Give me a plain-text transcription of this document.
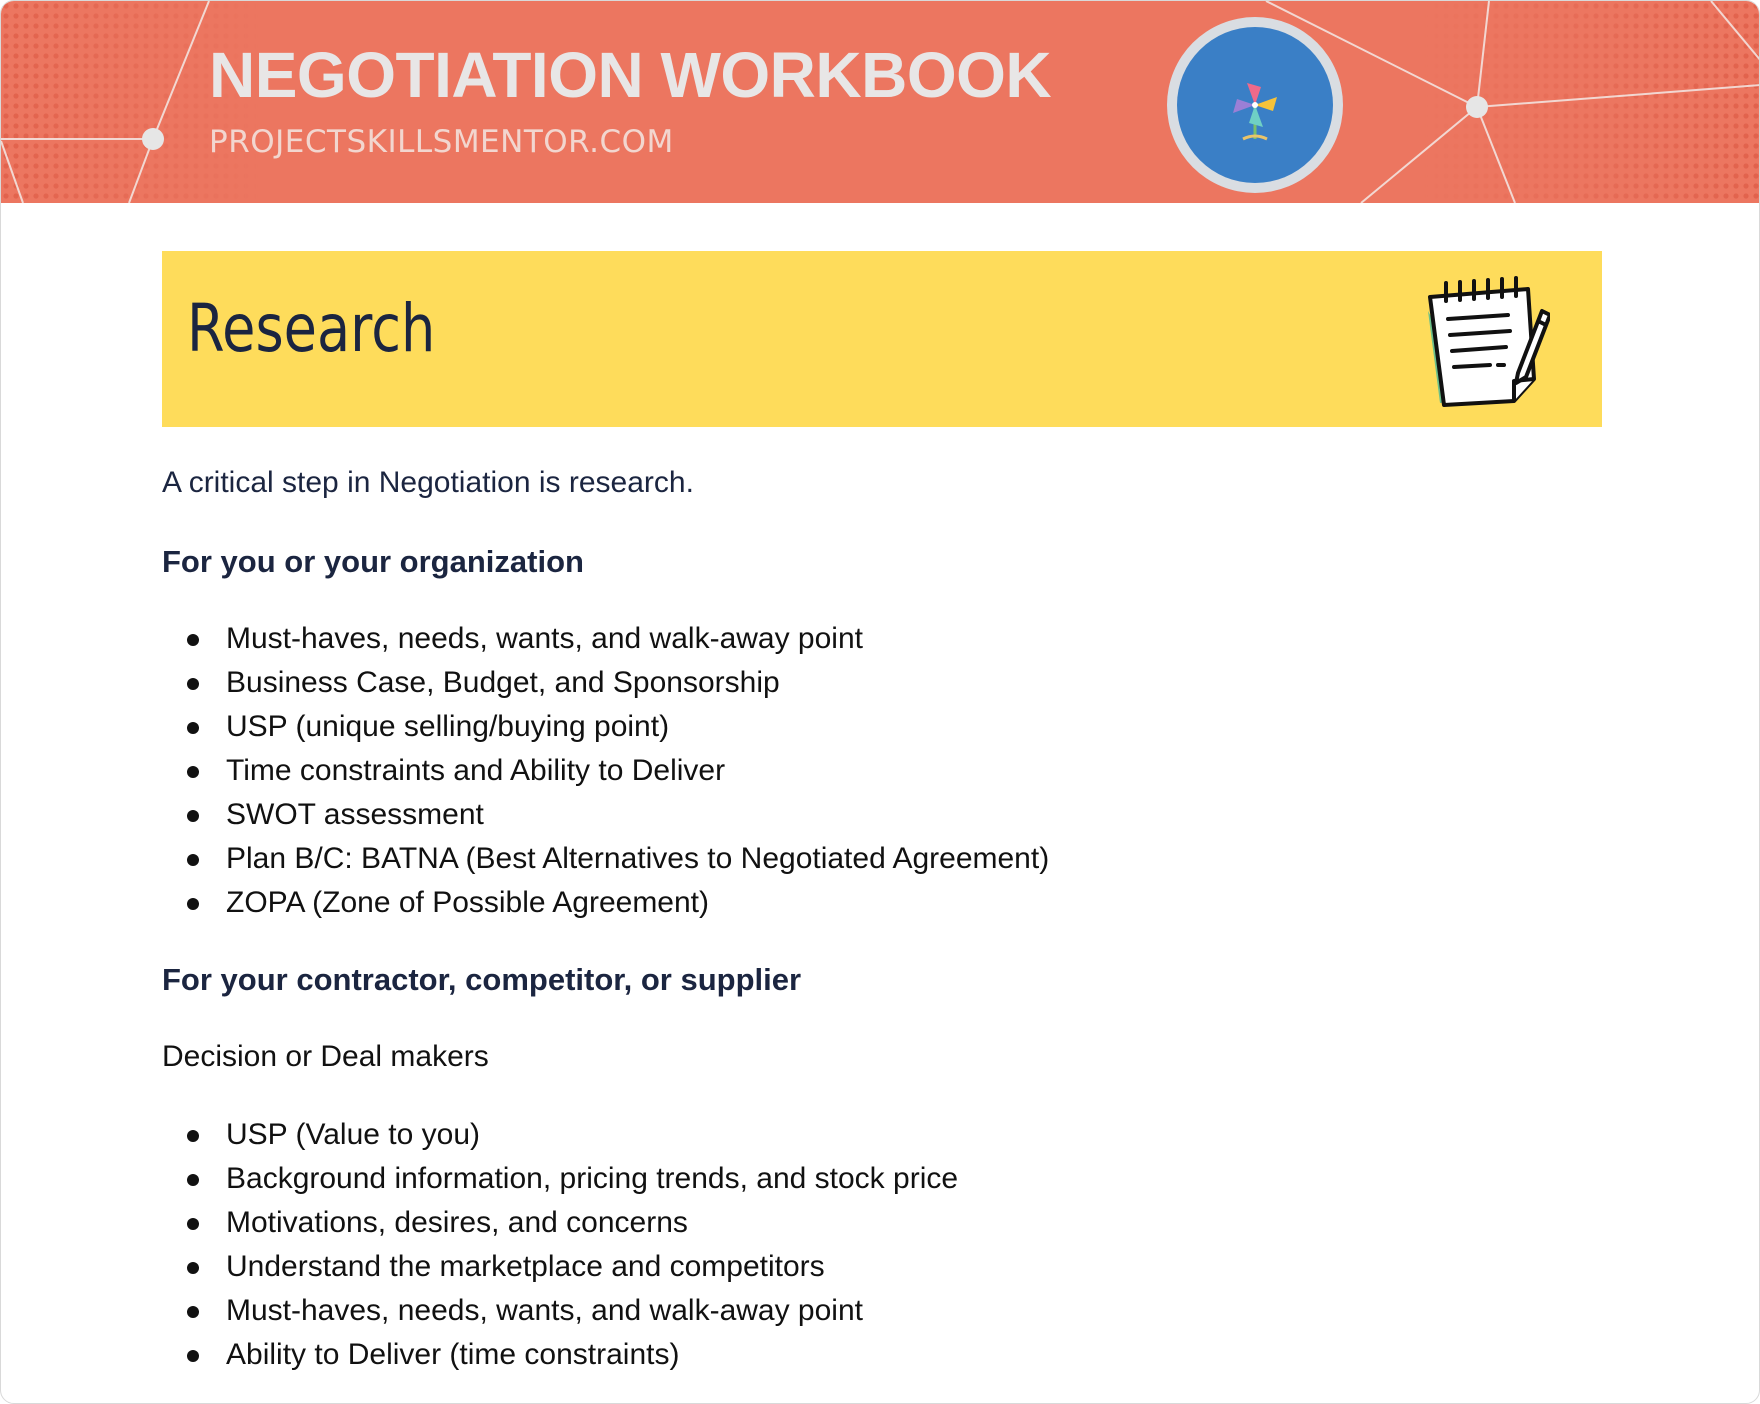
NEGOTIATION WORKBOOK
PROJECTSKILLSMENTOR.COM
Research

A critical step in Negotiation is research.

For you or your organization
Must-haves, needs, wants, and walk-away point
Business Case, Budget, and Sponsorship
USP (unique selling/buying point)
Time constraints and Ability to Deliver
SWOT assessment
Plan B/C: BATNA (Best Alternatives to Negotiated Agreement)
ZOPA (Zone of Possible Agreement)
For your contractor, competitor, or supplier

Decision or Deal makers

USP (Value to you)
Background information, pricing trends, and stock price
Motivations, desires, and concerns
Understand the marketplace and competitors
Must-haves, needs, wants, and walk-away point
Ability to Deliver (time constraints)
